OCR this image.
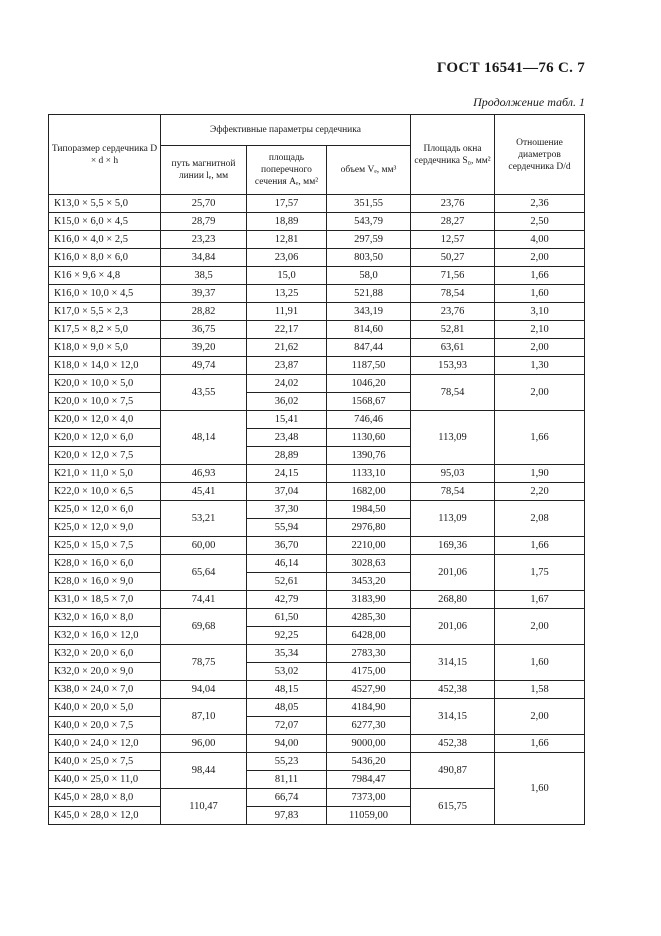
ГОСТ 16541—76 С. 7
Продолжение табл. 1
Типоразмер сердечника D × d × h	Эффективные параметры сердечника			Площадь окна сердечника S₀, мм²	Отношение диаметров сердечника D/d
	путь магнитной линии lₑ, мм	площадь поперечного сечения Aₑ, мм²	объем Vₑ, мм³		
К13,0 × 5,5 × 5,0	25,70	17,57	351,55	23,76	2,36
К15,0 × 6,0 × 4,5	28,79	18,89	543,79	28,27	2,50
К16,0 × 4,0 × 2,5	23,23	12,81	297,59	12,57	4,00
К16,0 × 8,0 × 6,0	34,84	23,06	803,50	50,27	2,00
К16 × 9,6 × 4,8	38,5	15,0	58,0	71,56	1,66
К16,0 × 10,0 × 4,5	39,37	13,25	521,88	78,54	1,60
К17,0 × 5,5 × 2,3	28,82	11,91	343,19	23,76	3,10
К17,5 × 8,2 × 5,0	36,75	22,17	814,60	52,81	2,10
К18,0 × 9,0 × 5,0	39,20	21,62	847,44	63,61	2,00
К18,0 × 14,0 × 12,0	49,74	23,87	1187,50	153,93	1,30
К20,0 × 10,0 × 5,0	43,55	24,02	1046,20	78,54	2,00
К20,0 × 10,0 × 7,5		36,02	1568,67		
К20,0 × 12,0 × 4,0	48,14	15,41	746,46	113,09	1,66
К20,0 × 12,0 × 6,0		23,48	1130,60		
К20,0 × 12,0 × 7,5		28,89	1390,76		
К21,0 × 11,0 × 5,0	46,93	24,15	1133,10	95,03	1,90
К22,0 × 10,0 × 6,5	45,41	37,04	1682,00	78,54	2,20
К25,0 × 12,0 × 6,0	53,21	37,30	1984,50	113,09	2,08
К25,0 × 12,0 × 9,0		55,94	2976,80		
К25,0 × 15,0 × 7,5	60,00	36,70	2210,00	169,36	1,66
К28,0 × 16,0 × 6,0	65,64	46,14	3028,63	201,06	1,75
К28,0 × 16,0 × 9,0		52,61	3453,20		
К31,0 × 18,5 × 7,0	74,41	42,79	3183,90	268,80	1,67
К32,0 × 16,0 × 8,0	69,68	61,50	4285,30	201,06	2,00
К32,0 × 16,0 × 12,0		92,25	6428,00		
К32,0 × 20,0 × 6,0	78,75	35,34	2783,30	314,15	1,60
К32,0 × 20,0 × 9,0		53,02	4175,00		
К38,0 × 24,0 × 7,0	94,04	48,15	4527,90	452,38	1,58
К40,0 × 20,0 × 5,0	87,10	48,05	4184,90	314,15	2,00
К40,0 × 20,0 × 7,5		72,07	6277,30		
К40,0 × 24,0 × 12,0	96,00	94,00	9000,00	452,38	1,66
К40,0 × 25,0 × 7,5	98,44	55,23	5436,20	490,87	1,60
К40,0 × 25,0 × 11,0		81,11	7984,47		
К45,0 × 28,0 × 8,0	110,47	66,74	7373,00	615,75	
К45,0 × 28,0 × 12,0		97,83	11059,00		
